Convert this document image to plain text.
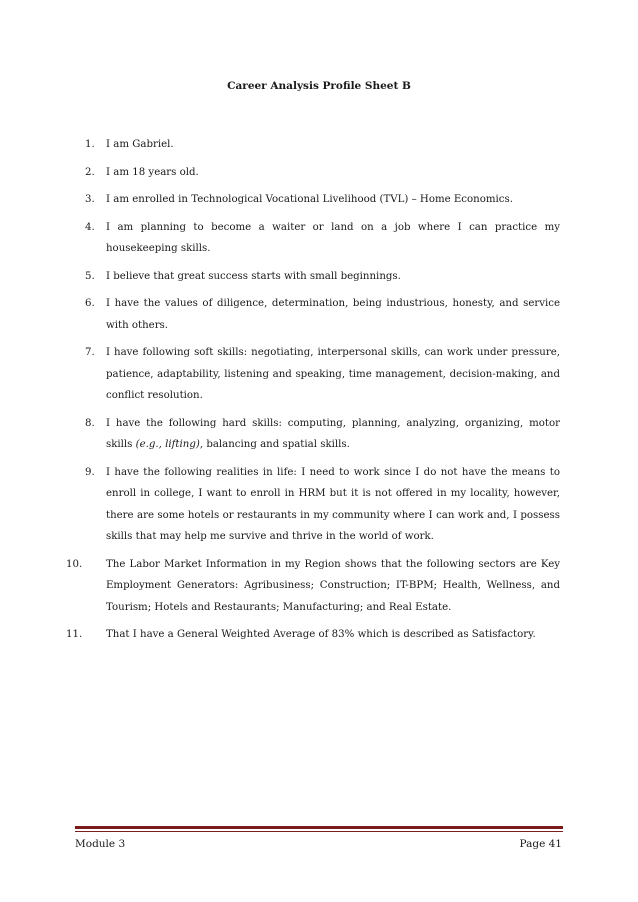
Career Analysis Profile Sheet B
1. I am Gabriel.
2. I am 18 years old.
3. I am enrolled in Technological Vocational Livelihood (TVL) – Home Economics.
4. I am planning to become a waiter or land on a job where I can practice my housekeeping skills.
5. I believe that great success starts with small beginnings.
6. I have the values of diligence, determination, being industrious, honesty, and service with others.
7. I have following soft skills: negotiating, interpersonal skills, can work under pressure, patience, adaptability, listening and speaking, time management, decision-making, and conflict resolution.
8. I have the following hard skills: computing, planning, analyzing, organizing, motor skills (e.g., lifting), balancing and spatial skills.
9. I have the following realities in life: I need to work since I do not have the means to enroll in college, I want to enroll in HRM but it is not offered in my locality, however, there are some hotels or restaurants in my community where I can work and, I possess skills that may help me survive and thrive in the world of work.
10. The Labor Market Information in my Region shows that the following sectors are Key Employment Generators: Agribusiness; Construction; IT-BPM; Health, Wellness, and Tourism; Hotels and Restaurants; Manufacturing; and Real Estate.
11. That I have a General Weighted Average of 83% which is described as Satisfactory.
Module 3	Page 41
